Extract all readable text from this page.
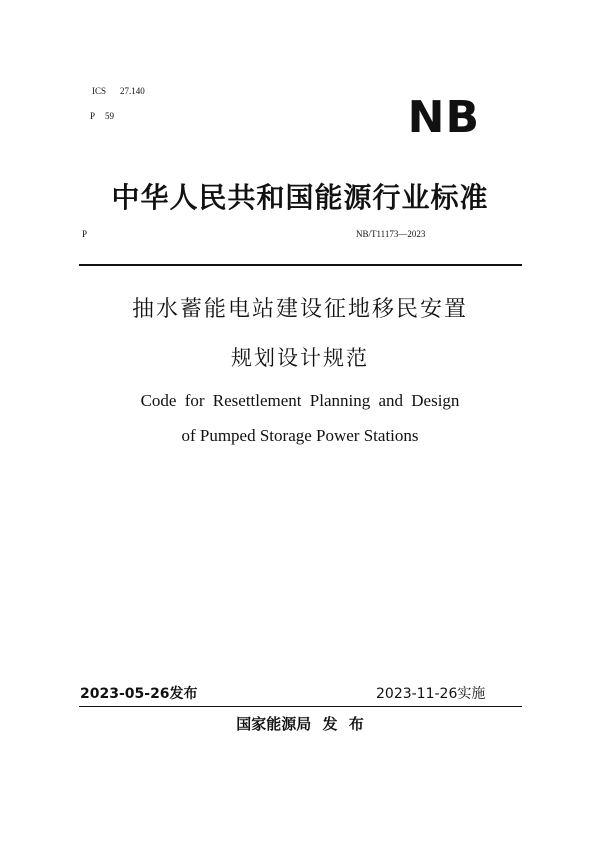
ICS 27.140
P 59	NB
中华人民共和国能源行业标准
P	NB/T11173—2023
抽水蓄能电站建设征地移民安置
规划设计规范
Code for Resettlement Planning and Design
of Pumped Storage Power Stations
2023-05-26发布	2023-11-26实施
国家能源局 发 布
